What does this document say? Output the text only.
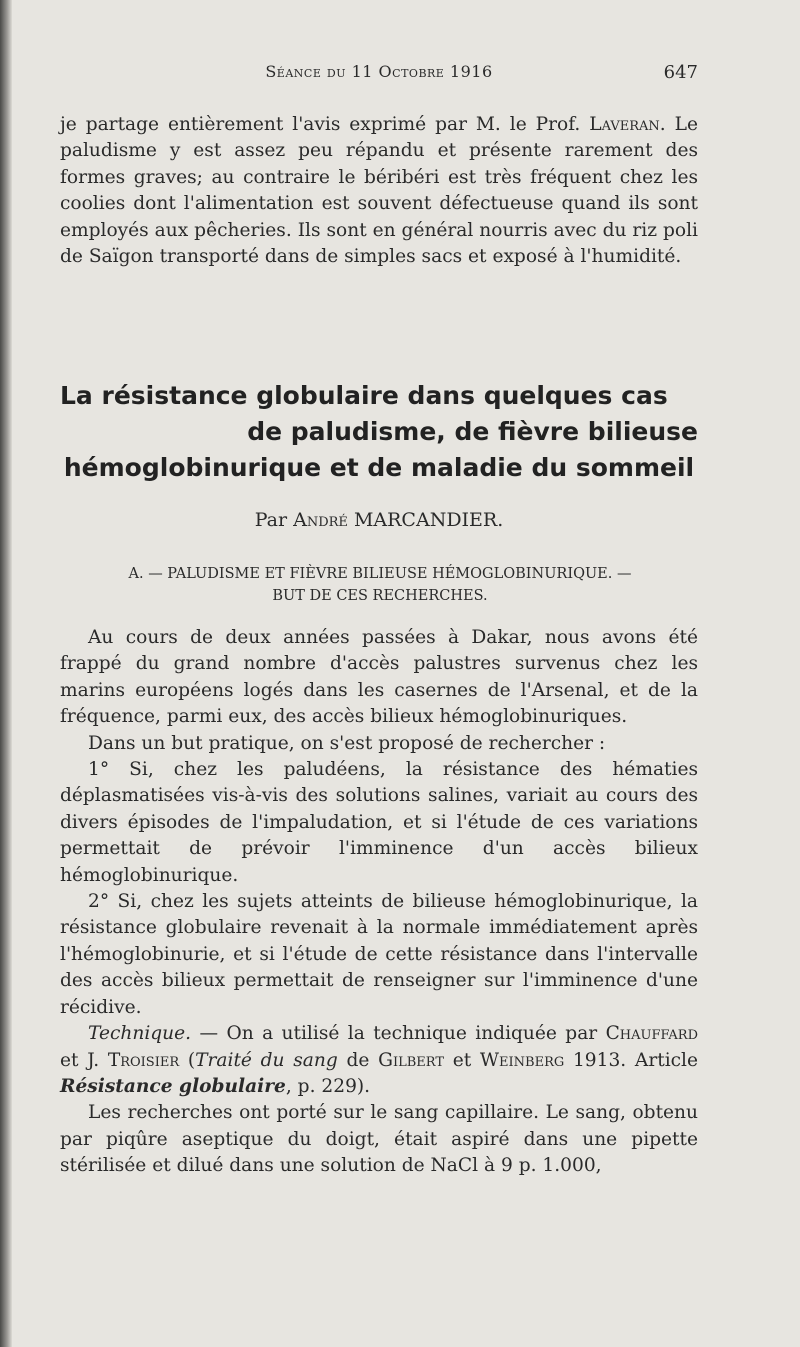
Séance du 11 Octobre 1916	647

je partage entièrement l'avis exprimé par M. le Prof. Laveran. Le paludisme y est assez peu répandu et présente rarement des formes graves; au contraire le béribéri est très fréquent chez les coolies dont l'alimentation est souvent défectueuse quand ils sont employés aux pêcheries. Ils sont en général nourris avec du riz poli de Saïgon transporté dans de simples sacs et exposé à l'humidité.

La résistance globulaire dans quelques cas
de paludisme, de fièvre bilieuse
hémoglobinurique et de maladie du sommeil
Par André MARCANDIER.
A. — PALUDISME ET FIÈVRE BILIEUSE HÉMOGLOBINURIQUE. —
BUT DE CES RECHERCHES.

Au cours de deux années passées à Dakar, nous avons été frappé du grand nombre d'accès palustres survenus chez les marins européens logés dans les casernes de l'Arsenal, et de la fréquence, parmi eux, des accès bilieux hémoglobinuriques.

Dans un but pratique, on s'est proposé de rechercher :

1° Si, chez les paludéens, la résistance des hématies déplasmatisées vis-à-vis des solutions salines, variait au cours des divers épisodes de l'impaludation, et si l'étude de ces variations permettait de prévoir l'imminence d'un accès bilieux hémoglobinurique.

2° Si, chez les sujets atteints de bilieuse hémoglobinurique, la résistance globulaire revenait à la normale immédiatement après l'hémoglobinurie, et si l'étude de cette résistance dans l'intervalle des accès bilieux permettait de renseigner sur l'imminence d'une récidive.

Technique. — On a utilisé la technique indiquée par Chauffard et J. Troisier (Traité du sang de Gilbert et Weinberg 1913. Article Résistance globulaire, p. 229).

Les recherches ont porté sur le sang capillaire. Le sang, obtenu par piqûre aseptique du doigt, était aspiré dans une pipette stérilisée et dilué dans une solution de NaCl à 9 p. 1.000,
